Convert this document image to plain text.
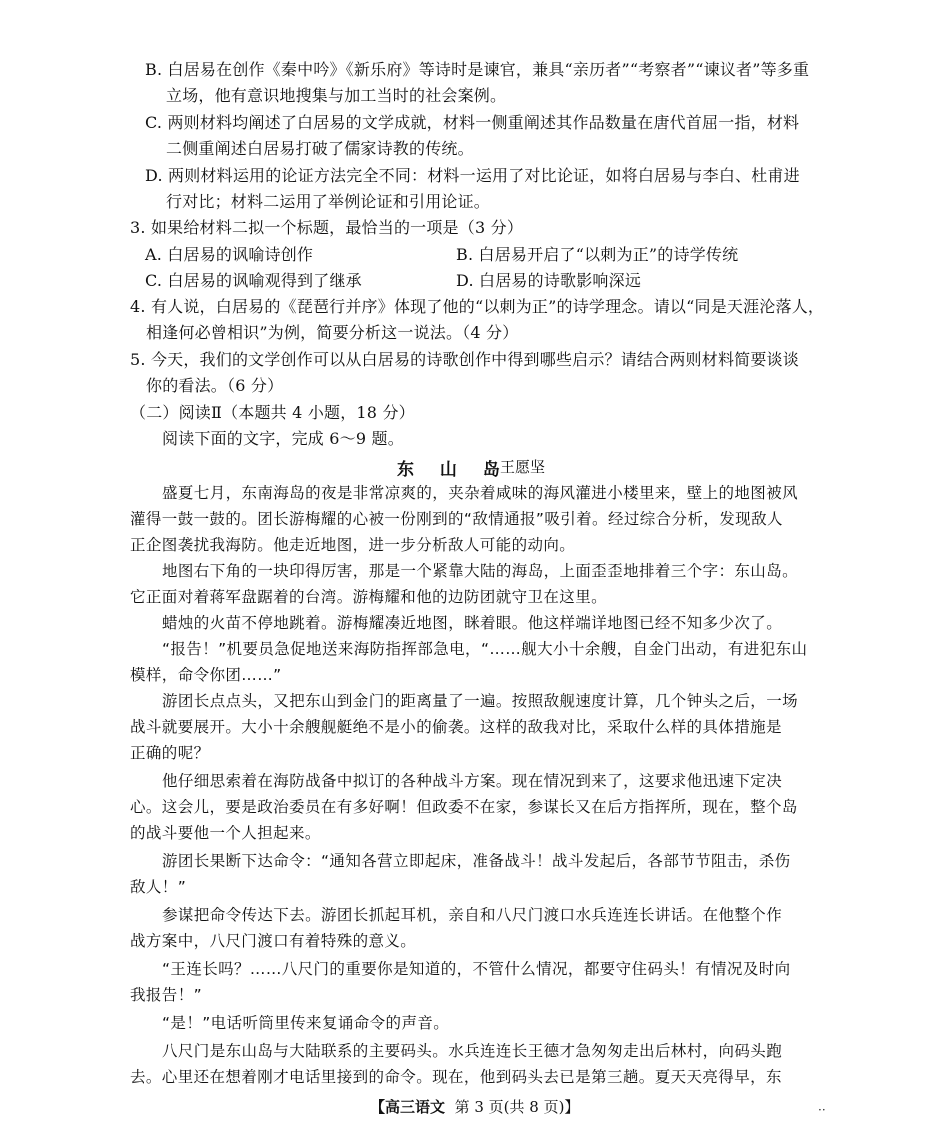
B. 白居易在创作《秦中吟》《新乐府》等诗时是谏官，兼具“亲历者”“考察者”“谏议者”等多重
立场，他有意识地搜集与加工当时的社会案例。
C. 两则材料均阐述了白居易的文学成就，材料一侧重阐述其作品数量在唐代首屈一指，材料
二侧重阐述白居易打破了儒家诗教的传统。
D. 两则材料运用的论证方法完全不同：材料一运用了对比论证，如将白居易与李白、杜甫进
行对比；材料二运用了举例论证和引用论证。
3. 如果给材料二拟一个标题，最恰当的一项是（3 分）
A. 白居易的讽喻诗创作	B. 白居易开启了“以刺为正”的诗学传统
C. 白居易的讽喻观得到了继承	D. 白居易的诗歌影响深远
4. 有人说，白居易的《琵琶行并序》体现了他的“以刺为正”的诗学理念。请以“同是天涯沦落人，
相逢何必曾相识”为例，简要分析这一说法。（4 分）
5. 今天，我们的文学创作可以从白居易的诗歌创作中得到哪些启示？请结合两则材料简要谈谈
你的看法。（6 分）
（二）阅读Ⅱ（本题共 4 小题，18 分）
阅读下面的文字，完成 6～9 题。
东 山 岛
王愿坚
盛夏七月，东南海岛的夜是非常凉爽的，夹杂着咸味的海风灌进小楼里来，壁上的地图被风
灌得一鼓一鼓的。团长游梅耀的心被一份刚到的“敌情通报”吸引着。经过综合分析，发现敌人
正企图袭扰我海防。他走近地图，进一步分析敌人可能的动向。
地图右下角的一块印得厉害，那是一个紧靠大陆的海岛，上面歪歪地排着三个字：东山岛。
它正面对着蒋军盘踞着的台湾。游梅耀和他的边防团就守卫在这里。
蜡烛的火苗不停地跳着。游梅耀凑近地图，眯着眼。他这样端详地图已经不知多少次了。
“报告！”机要员急促地送来海防指挥部急电，“……舰大小十余艘，自金门出动，有进犯东山
模样，命令你团……”
游团长点点头，又把东山到金门的距离量了一遍。按照敌舰速度计算，几个钟头之后，一场
战斗就要展开。大小十余艘舰艇绝不是小的偷袭。这样的敌我对比，采取什么样的具体措施是
正确的呢？
他仔细思索着在海防战备中拟订的各种战斗方案。现在情况到来了，这要求他迅速下定决
心。这会儿，要是政治委员在有多好啊！但政委不在家，参谋长又在后方指挥所，现在，整个岛
的战斗要他一个人担起来。
游团长果断下达命令：“通知各营立即起床，准备战斗！战斗发起后，各部节节阻击，杀伤
敌人！”
参谋把命令传达下去。游团长抓起耳机，亲自和八尺门渡口水兵连连长讲话。在他整个作
战方案中，八尺门渡口有着特殊的意义。
“王连长吗？……八尺门的重要你是知道的，不管什么情况，都要守住码头！有情况及时向
我报告！”
“是！”电话听筒里传来复诵命令的声音。
八尺门是东山岛与大陆联系的主要码头。水兵连连长王德才急匆匆走出后林村，向码头跑
去。心里还在想着刚才电话里接到的命令。现在，他到码头去已是第三趟。夏天天亮得早，东
【高三语文 第 3 页(共 8 页)】	··
